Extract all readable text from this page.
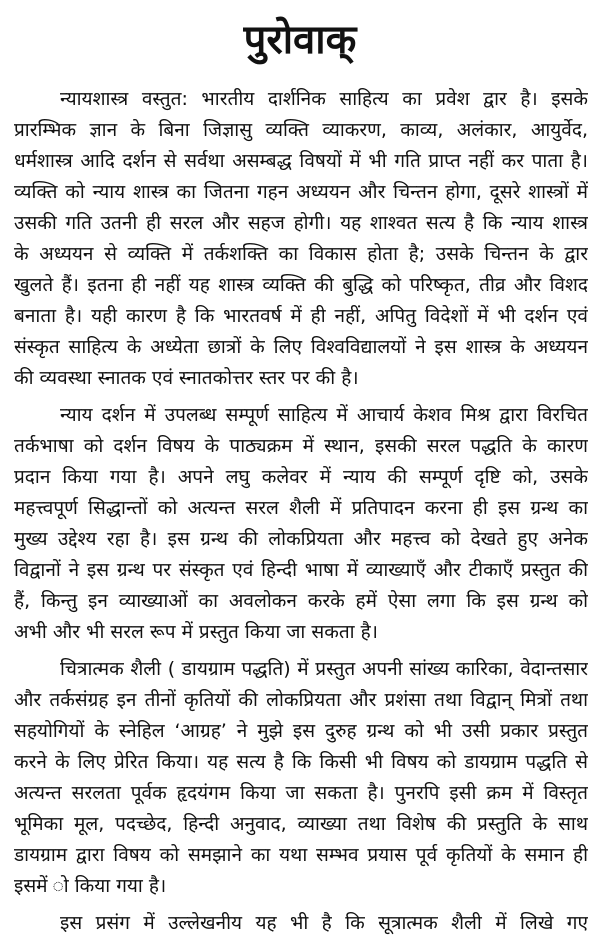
पुरोवाक्
न्यायशास्त्र वस्तुत: भारतीय दार्शनिक साहित्य का प्रवेश द्वार है। इसके
प्रारम्भिक ज्ञान के बिना जिज्ञासु व्यक्ति व्याकरण, काव्य, अलंकार, आयुर्वेद,
धर्मशास्त्र आदि दर्शन से सर्वथा असम्बद्ध विषयों में भी गति प्राप्त नहीं कर पाता है।
व्यक्ति को न्याय शास्त्र का जितना गहन अध्ययन और चिन्तन होगा, दूसरे शास्त्रों में
उसकी गति उतनी ही सरल और सहज होगी। यह शाश्वत सत्य है कि न्याय शास्त्र
के अध्ययन से व्यक्ति में तर्कशक्ति का विकास होता है; उसके चिन्तन के द्वार
खुलते हैं। इतना ही नहीं यह शास्त्र व्यक्ति की बुद्धि को परिष्कृत, तीव्र और विशद
बनाता है। यही कारण है कि भारतवर्ष में ही नहीं, अपितु विदेशों में भी दर्शन एवं
संस्कृत साहित्य के अध्येता छात्रों के लिए विश्वविद्यालयों ने इस शास्त्र के अध्ययन
की व्यवस्था स्नातक एवं स्नातकोत्तर स्तर पर की है।
न्याय दर्शन में उपलब्ध सम्पूर्ण साहित्य में आचार्य केशव मिश्र द्वारा विरचित
तर्कभाषा को दर्शन विषय के पाठ्यक्रम में स्थान, इसकी सरल पद्धति के कारण
प्रदान किया गया है। अपने लघु कलेवर में न्याय की सम्पूर्ण दृष्टि को, उसके
महत्त्वपूर्ण सिद्धान्तों को अत्यन्त सरल शैली में प्रतिपादन करना ही इस ग्रन्थ का
मुख्य उद्देश्य रहा है। इस ग्रन्थ की लोकप्रियता और महत्त्व को देखते हुए अनेक
विद्वानों ने इस ग्रन्थ पर संस्कृत एवं हिन्दी भाषा में व्याख्याएँ और टीकाएँ प्रस्तुत की
हैं, किन्तु इन व्याख्याओं का अवलोकन करके हमें ऐसा लगा कि इस ग्रन्थ को
अभी और भी सरल रूप में प्रस्तुत किया जा सकता है।
चित्रात्मक शैली ( डायग्राम पद्धति) में प्रस्तुत अपनी सांख्य कारिका, वेदान्तसार
और तर्कसंग्रह इन तीनों कृतियों की लोकप्रियता और प्रशंसा तथा विद्वान् मित्रों तथा
सहयोगियों के स्नेहिल ‘आग्रह’ ने मुझे इस दुरुह ग्रन्थ को भी उसी प्रकार प्रस्तुत
करने के लिए प्रेरित किया। यह सत्य है कि किसी भी विषय को डायग्राम पद्धति से
अत्यन्त सरलता पूर्वक हृदयंगम किया जा सकता है। पुनरपि इसी क्रम में विस्तृत
भूमिका मूल, पदच्छेद, हिन्दी अनुवाद, व्याख्या तथा विशेष की प्रस्तुति के साथ
डायग्राम द्वारा विषय को समझाने का यथा सम्भव प्रयास पूर्व कृतियों के समान ही
इसमें ो किया गया है।
इस प्रसंग में उल्लेखनीय यह भी है कि सूत्रात्मक शैली में लिखे गए
